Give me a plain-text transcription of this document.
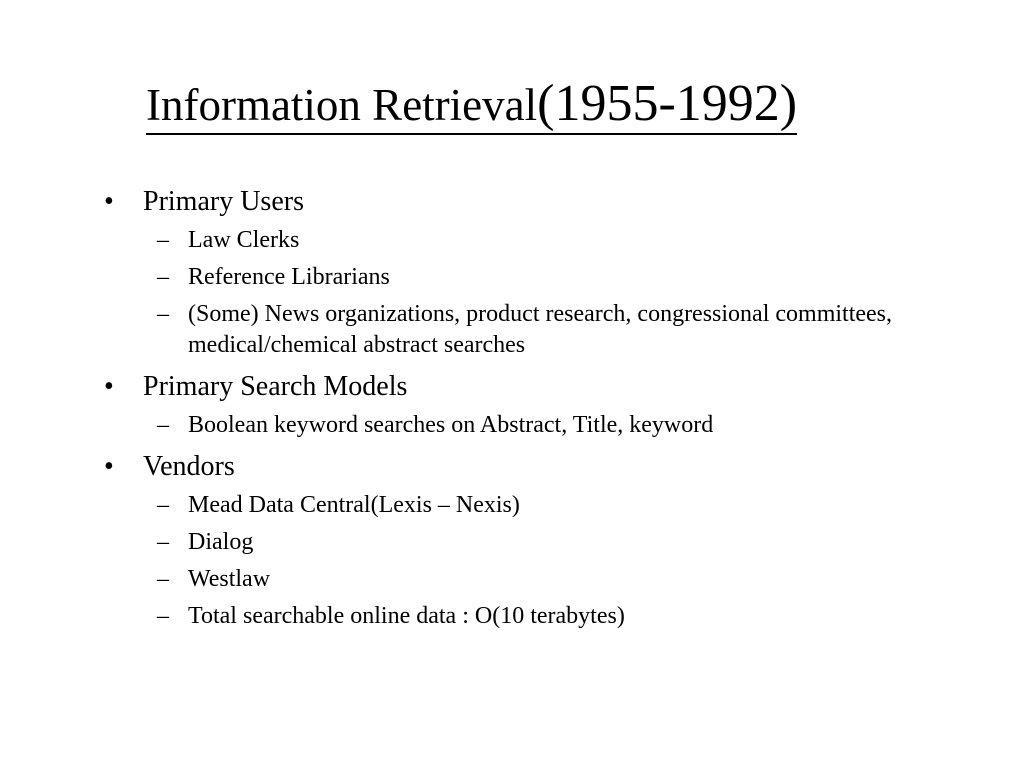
Information Retrieval(1955-1992)
• Primary Users
– Law Clerks
– Reference Librarians
– (Some) News organizations, product research, congressional committees, medical/chemical abstract searches
• Primary Search Models
– Boolean keyword searches on Abstract, Title, keyword
• Vendors
– Mead Data Central(Lexis – Nexis)
– Dialog
– Westlaw
– Total searchable online data : O(10 terabytes)
